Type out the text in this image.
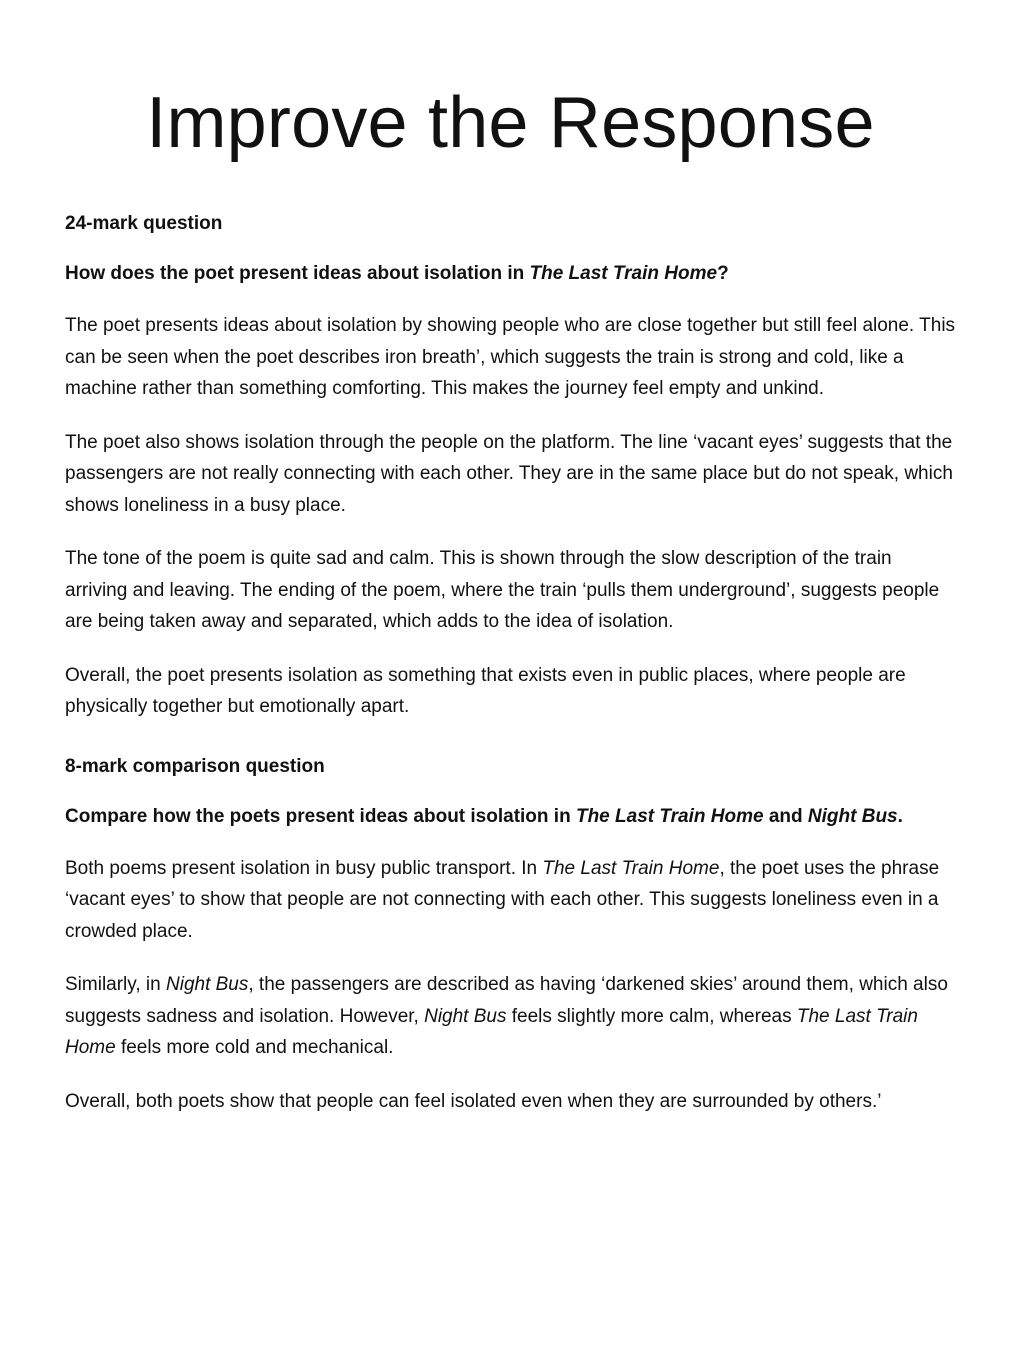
Improve the Response

24-mark question

How does the poet present ideas about isolation in The Last Train Home?

The poet presents ideas about isolation by showing people who are close together but still feel alone. This can be seen when the poet describes iron breath’, which suggests the train is strong and cold, like a machine rather than something comforting. This makes the journey feel empty and unkind.

The poet also shows isolation through the people on the platform. The line ‘vacant eyes’ suggests that the passengers are not really connecting with each other. They are in the same place but do not speak, which shows loneliness in a busy place.

The tone of the poem is quite sad and calm. This is shown through the slow description of the train arriving and leaving. The ending of the poem, where the train ‘pulls them underground’, suggests people are being taken away and separated, which adds to the idea of isolation.

Overall, the poet presents isolation as something that exists even in public places, where people are physically together but emotionally apart.

8-mark comparison question

Compare how the poets present ideas about isolation in The Last Train Home and Night Bus.

Both poems present isolation in busy public transport. In The Last Train Home, the poet uses the phrase ‘vacant eyes’ to show that people are not connecting with each other. This suggests loneliness even in a crowded place.

Similarly, in Night Bus, the passengers are described as having ‘darkened skies’ around them, which also suggests sadness and isolation. However, Night Bus feels slightly more calm, whereas The Last Train Home feels more cold and mechanical.

Overall, both poets show that people can feel isolated even when they are surrounded by others.’
